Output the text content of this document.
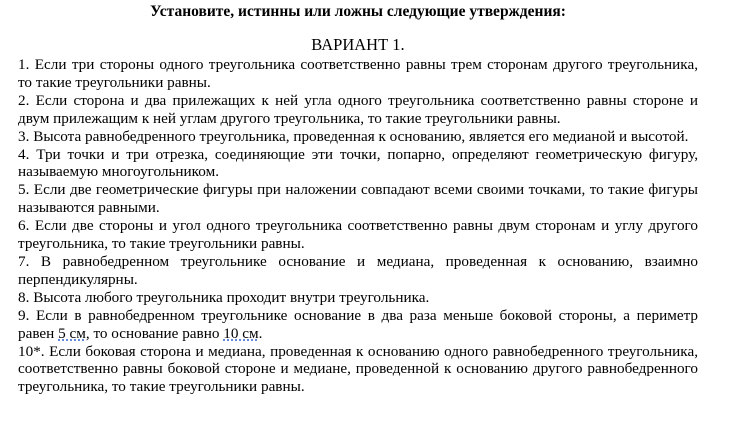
Установите, истинны или ложны следующие утверждения:
ВАРИАНТ 1.
1. Если три стороны одного треугольника соответственно равны трем сторонам другого треугольника, то такие треугольники равны.
2. Если сторона и два прилежащих к ней угла одного треугольника соответственно равны стороне и двум прилежащим к ней углам другого треугольника, то такие треугольники равны.
3. Высота равнобедренного треугольника, проведенная к основанию, является его медианой и высотой.
4. Три точки и три отрезка, соединяющие эти точки, попарно, определяют геометрическую фигуру, называемую многоугольником.
5. Если две геометрические фигуры при наложении совпадают всеми своими точками, то такие фигуры называются равными.
6. Если две стороны и угол одного треугольника соответственно равны двум сторонам и углу другого треугольника, то такие треугольники равны.
7. В равнобедренном треугольнике основание и медиана, проведенная к основанию, взаимно перпендикулярны.
8. Высота любого треугольника проходит внутри треугольника.
9. Если в равнобедренном треугольнике основание в два раза меньше боковой стороны, а периметр равен 5 см, то основание равно 10 см.
10*. Если боковая сторона и медиана, проведенная к основанию одного равнобедренного треугольника, соответственно равны боковой стороне и медиане, проведенной к основанию другого равнобедренного треугольника, то такие треугольники равны.
